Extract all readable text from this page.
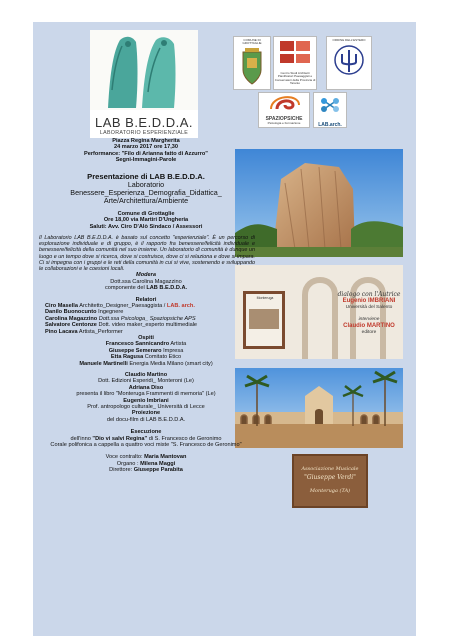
LAB B.E.D.D.A.
LABORATORIO ESPERIENZIALE
COMUNE DI GROTTAGLIE
Centro Studi Architetti Pianificatori Paesaggisti e Conservatori della Provincia di Taranto
ORDINE DELL'ESTERO
SPAZIOPSICHE
Psicologia e Formazione	LAB.arch.
Monteruga	dialogo con l'Autrice
Eugenio IMBRIANI
Università del Salento
interviene
Claudio MARTINO
editore
Associazione Musicale
"Giuseppe Verdi"
Monteruga (TA)
Piazza Regina Margherita
24 marzo 2017 ore 17,30
Performance: "Filo di Arianna fatto di Azzurro"
Segni-Immagini-Parole
Presentazione di LAB B.E.D.D.A.
Laboratorio
Benessere_Esperienza_Demografia_Didattica_
Arte/Architettura/Ambiente
Comune di Grottaglie
Ore 18,00 via Martiri D'Ungheria
Saluti: Avv. Ciro D'Alò Sindaco / Assessori
Il Laboratorio LAB B.E.D.D.A. è basato sul concetto "esperienziale". È un percorso di esplorazione individuale e di gruppo, è il rapporto fra benessere/felicità individuale e benessere/felicità della comunità nel suo insieme. Un laboratorio di comunità è dunque un luogo e un tempo dove si ricerca, dove si costruisce, dove ci si relaziona e dove si impara. Ci si impegna con i gruppi e le reti della comunità in cui si vive, sostenendo e sviluppando le collaborazioni e le coesioni locali.
Modera
Dott.ssa Carolina Magazzino
componente del LAB B.E.D.D.A.
Relatori
Ciro Masella Architetto_Designer_Paesaggista / LAB. arch.
Danilo Buonocunto Ingegnere
Carolina Magazzino Dott.ssa Psicologa_ Spaziopsiche APS
Salvatore Centonze Dott. video maker_esperto multimediale
Pino Lacava Artista_Performer
Ospiti
Francesco Sannicandro Artista
Giuseppe Semeraro Impresa
Etta Ragusa Comitato Etico
Manuele Martinelli Energia Media Milano (smart city)
Claudio Martino
Dott. Edizioni Esperidi_ Monteroni (Le)
Adriana Diso
presenta il libro "Monteruga Frammenti di memoria" (Le)
Eugenio Imbriani
Prof. antropologo culturale_ Università di Lecce
Proiezione
del docu-film di LAB B.E.D.D.A.
Esecuzione
dell'inno "Dio vi salvi Regina" di S. Francesco de Geronimo
Corale polifonica a cappella a quattro voci miste "S. Francesco de Geronimo"
Voce contralto: Maria Mantovan
Organo : Milena Maggi
Direttore: Giuseppe Parabita
